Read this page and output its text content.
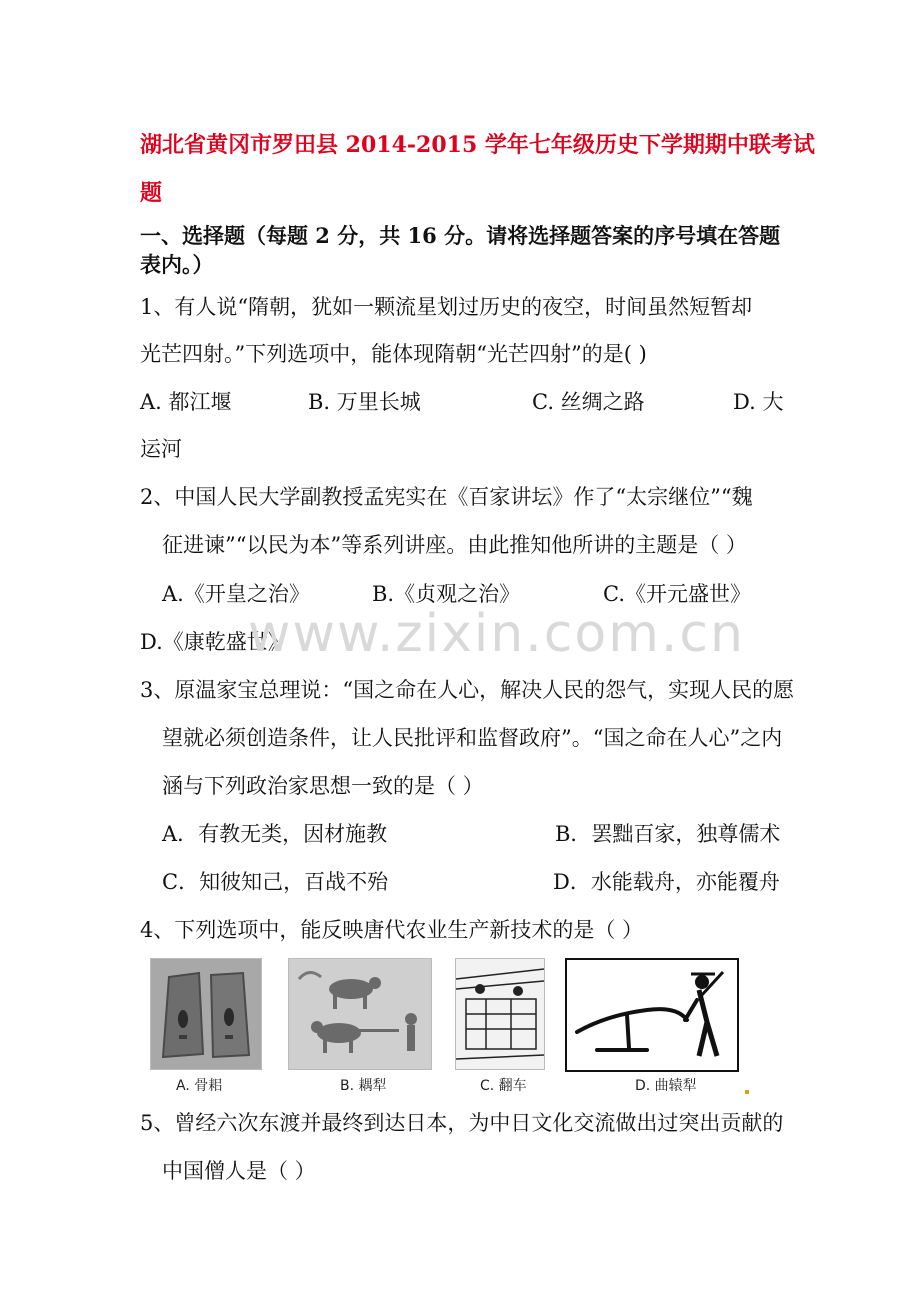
湖北省黄冈市罗田县 2014-2015 学年七年级历史下学期期中联考试
题
一、选择题（每题 2 分，共 16 分。请将选择题答案的序号填在答题
表内。）
1、有人说“隋朝，犹如一颗流星划过历史的夜空，时间虽然短暂却
光芒四射。”下列选项中，能体现隋朝“光芒四射”的是( )
A. 都江堰	B. 万里长城	C. 丝绸之路	D. 大
运河
2、中国人民大学副教授孟宪实在《百家讲坛》作了“太宗继位”“魏
征进谏”“以民为本”等系列讲座。由此推知他所讲的主题是（ ）
A.《开皇之治》	B.《贞观之治》	C.《开元盛世》
D.《康乾盛世》
www.zixin.com.cn
3、原温家宝总理说：“国之命在人心，解决人民的怨气，实现人民的愿
望就必须创造条件，让人民批评和监督政府”。“国之命在人心”之内
涵与下列政治家思想一致的是（ ）
A．有教无类，因材施教	B．罢黜百家，独尊儒术
C．知彼知己，百战不殆	D．水能载舟，亦能覆舟
4、下列选项中，能反映唐代农业生产新技术的是（ ）
A. 骨耜	B. 耦犁	C. 翻车	D. 曲辕犁
5、曾经六次东渡并最终到达日本，为中日文化交流做出过突出贡献的
中国僧人是（ ）
